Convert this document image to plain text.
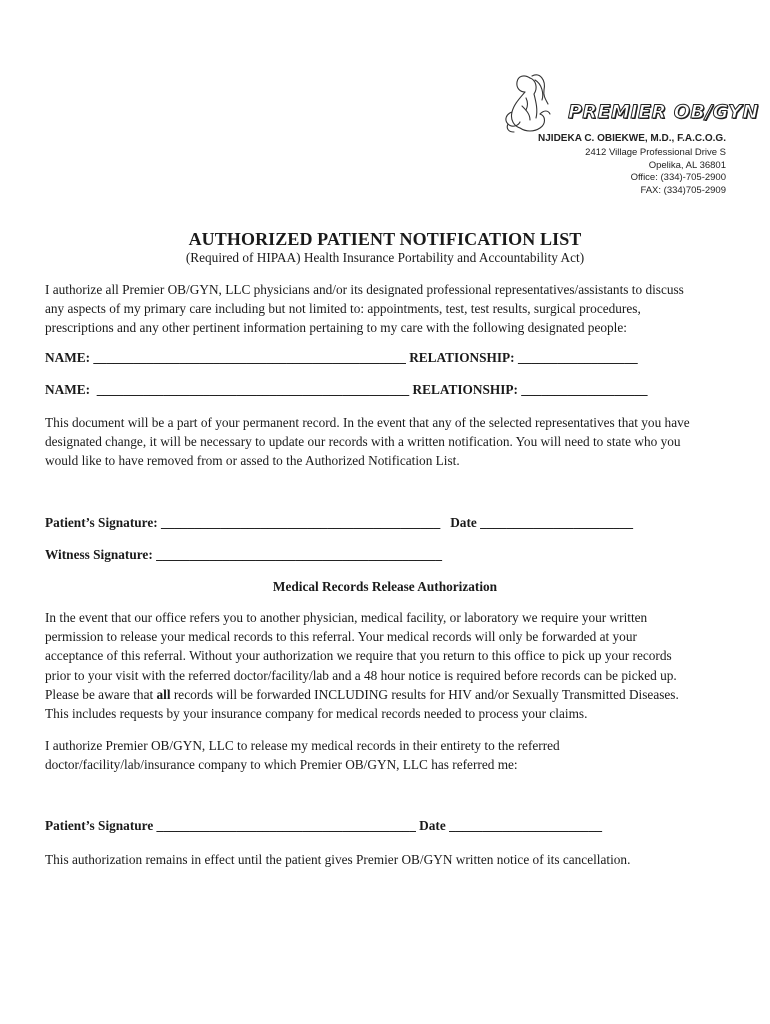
PREMIER OB/GYN
NJIDEKA C. OBIEKWE, M.D., F.A.C.O.G.
2412 Village Professional Drive S
Opelika, AL 36801
Office: (334)-705-2900
FAX: (334)705-2909
AUTHORIZED PATIENT NOTIFICATION LIST
(Required of HIPAA) Health Insurance Portability and Accountability Act)

I authorize all Premier OB/GYN, LLC physicians and/or its designated professional representatives/assistants to discuss
any aspects of my primary care including but not limited to: appointments, test, test results, surgical procedures,
prescriptions and any other pertinent information pertaining to my care with the following designated people:

NAME: _______________________________________________ RELATIONSHIP: __________________
NAME:  _______________________________________________ RELATIONSHIP: ___________________

This document will be a part of your permanent record. In the event that any of the selected representatives that you have
designated change, it will be necessary to update our records with a written notification. You will need to state who you
would like to have removed from or assed to the Authorized Notification List.

Patient’s Signature: __________________________________________   Date _______________________
Witness Signature: ___________________________________________
Medical Records Release Authorization

In the event that our office refers you to another physician, medical facility, or laboratory we require your written
permission to release your medical records to this referral. Your medical records will only be forwarded at your
acceptance of this referral. Without your authorization we require that you return to this office to pick up your records
prior to your visit with the referred doctor/facility/lab and a 48 hour notice is required before records can be picked up.
Please be aware that all records will be forwarded INCLUDING results for HIV and/or Sexually Transmitted Diseases.
This includes requests by your insurance company for medical records needed to process your claims.

I authorize Premier OB/GYN, LLC to release my medical records in their entirety to the referred
doctor/facility/lab/insurance company to which Premier OB/GYN, LLC has referred me:

Patient’s Signature _______________________________________ Date _______________________

This authorization remains in effect until the patient gives Premier OB/GYN written notice of its cancellation.
